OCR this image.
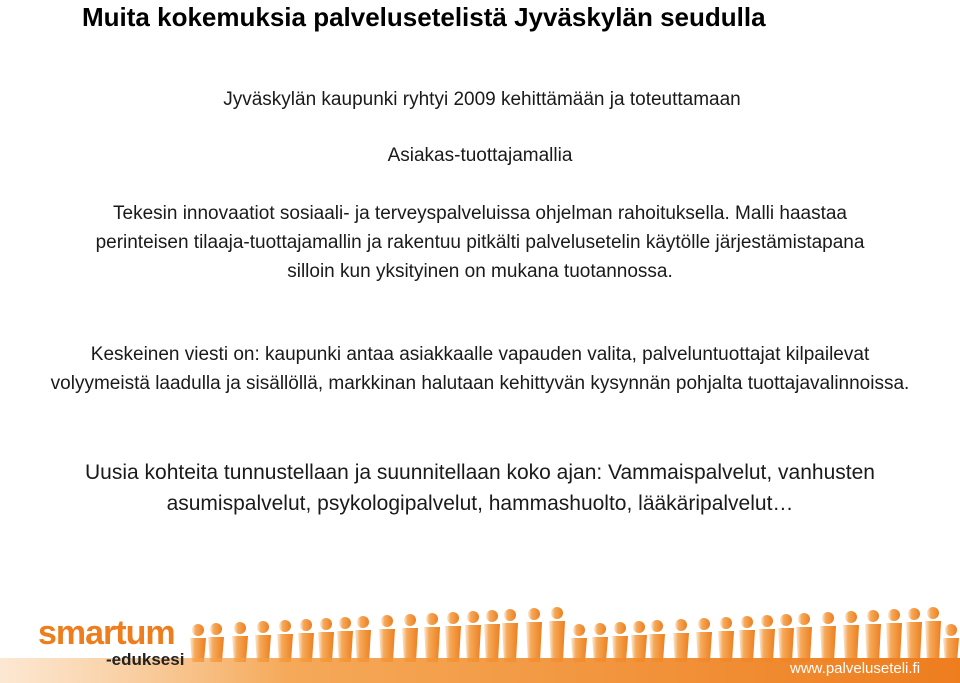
Muita kokemuksia palvelusetelistä Jyväskylän seudulla
Jyväskylän kaupunki ryhtyi 2009 kehittämään ja toteuttamaan
Asiakas-tuottajamallia
Tekesin innovaatiot sosiaali- ja terveyspalveluissa ohjelman rahoituksella. Malli haastaa perinteisen tilaaja-tuottajamallin ja rakentuu pitkälti palvelusetelin käytölle järjestämistapana silloin kun yksityinen on mukana tuotannossa.
Keskeinen viesti on: kaupunki antaa asiakkaalle vapauden valita, palveluntuottajat kilpailevat volyymeistä laadulla ja sisällöllä, markkinan halutaan kehittyvän kysynnän pohjalta tuottajavalinnoissa.
Uusia kohteita tunnustellaan ja suunnitellaan koko ajan: Vammaispalvelut, vanhusten asumispalvelut, psykologipalvelut, hammashuolto, lääkäripalvelut…
smartum
-eduksesi	www.palveluseteli.fi
